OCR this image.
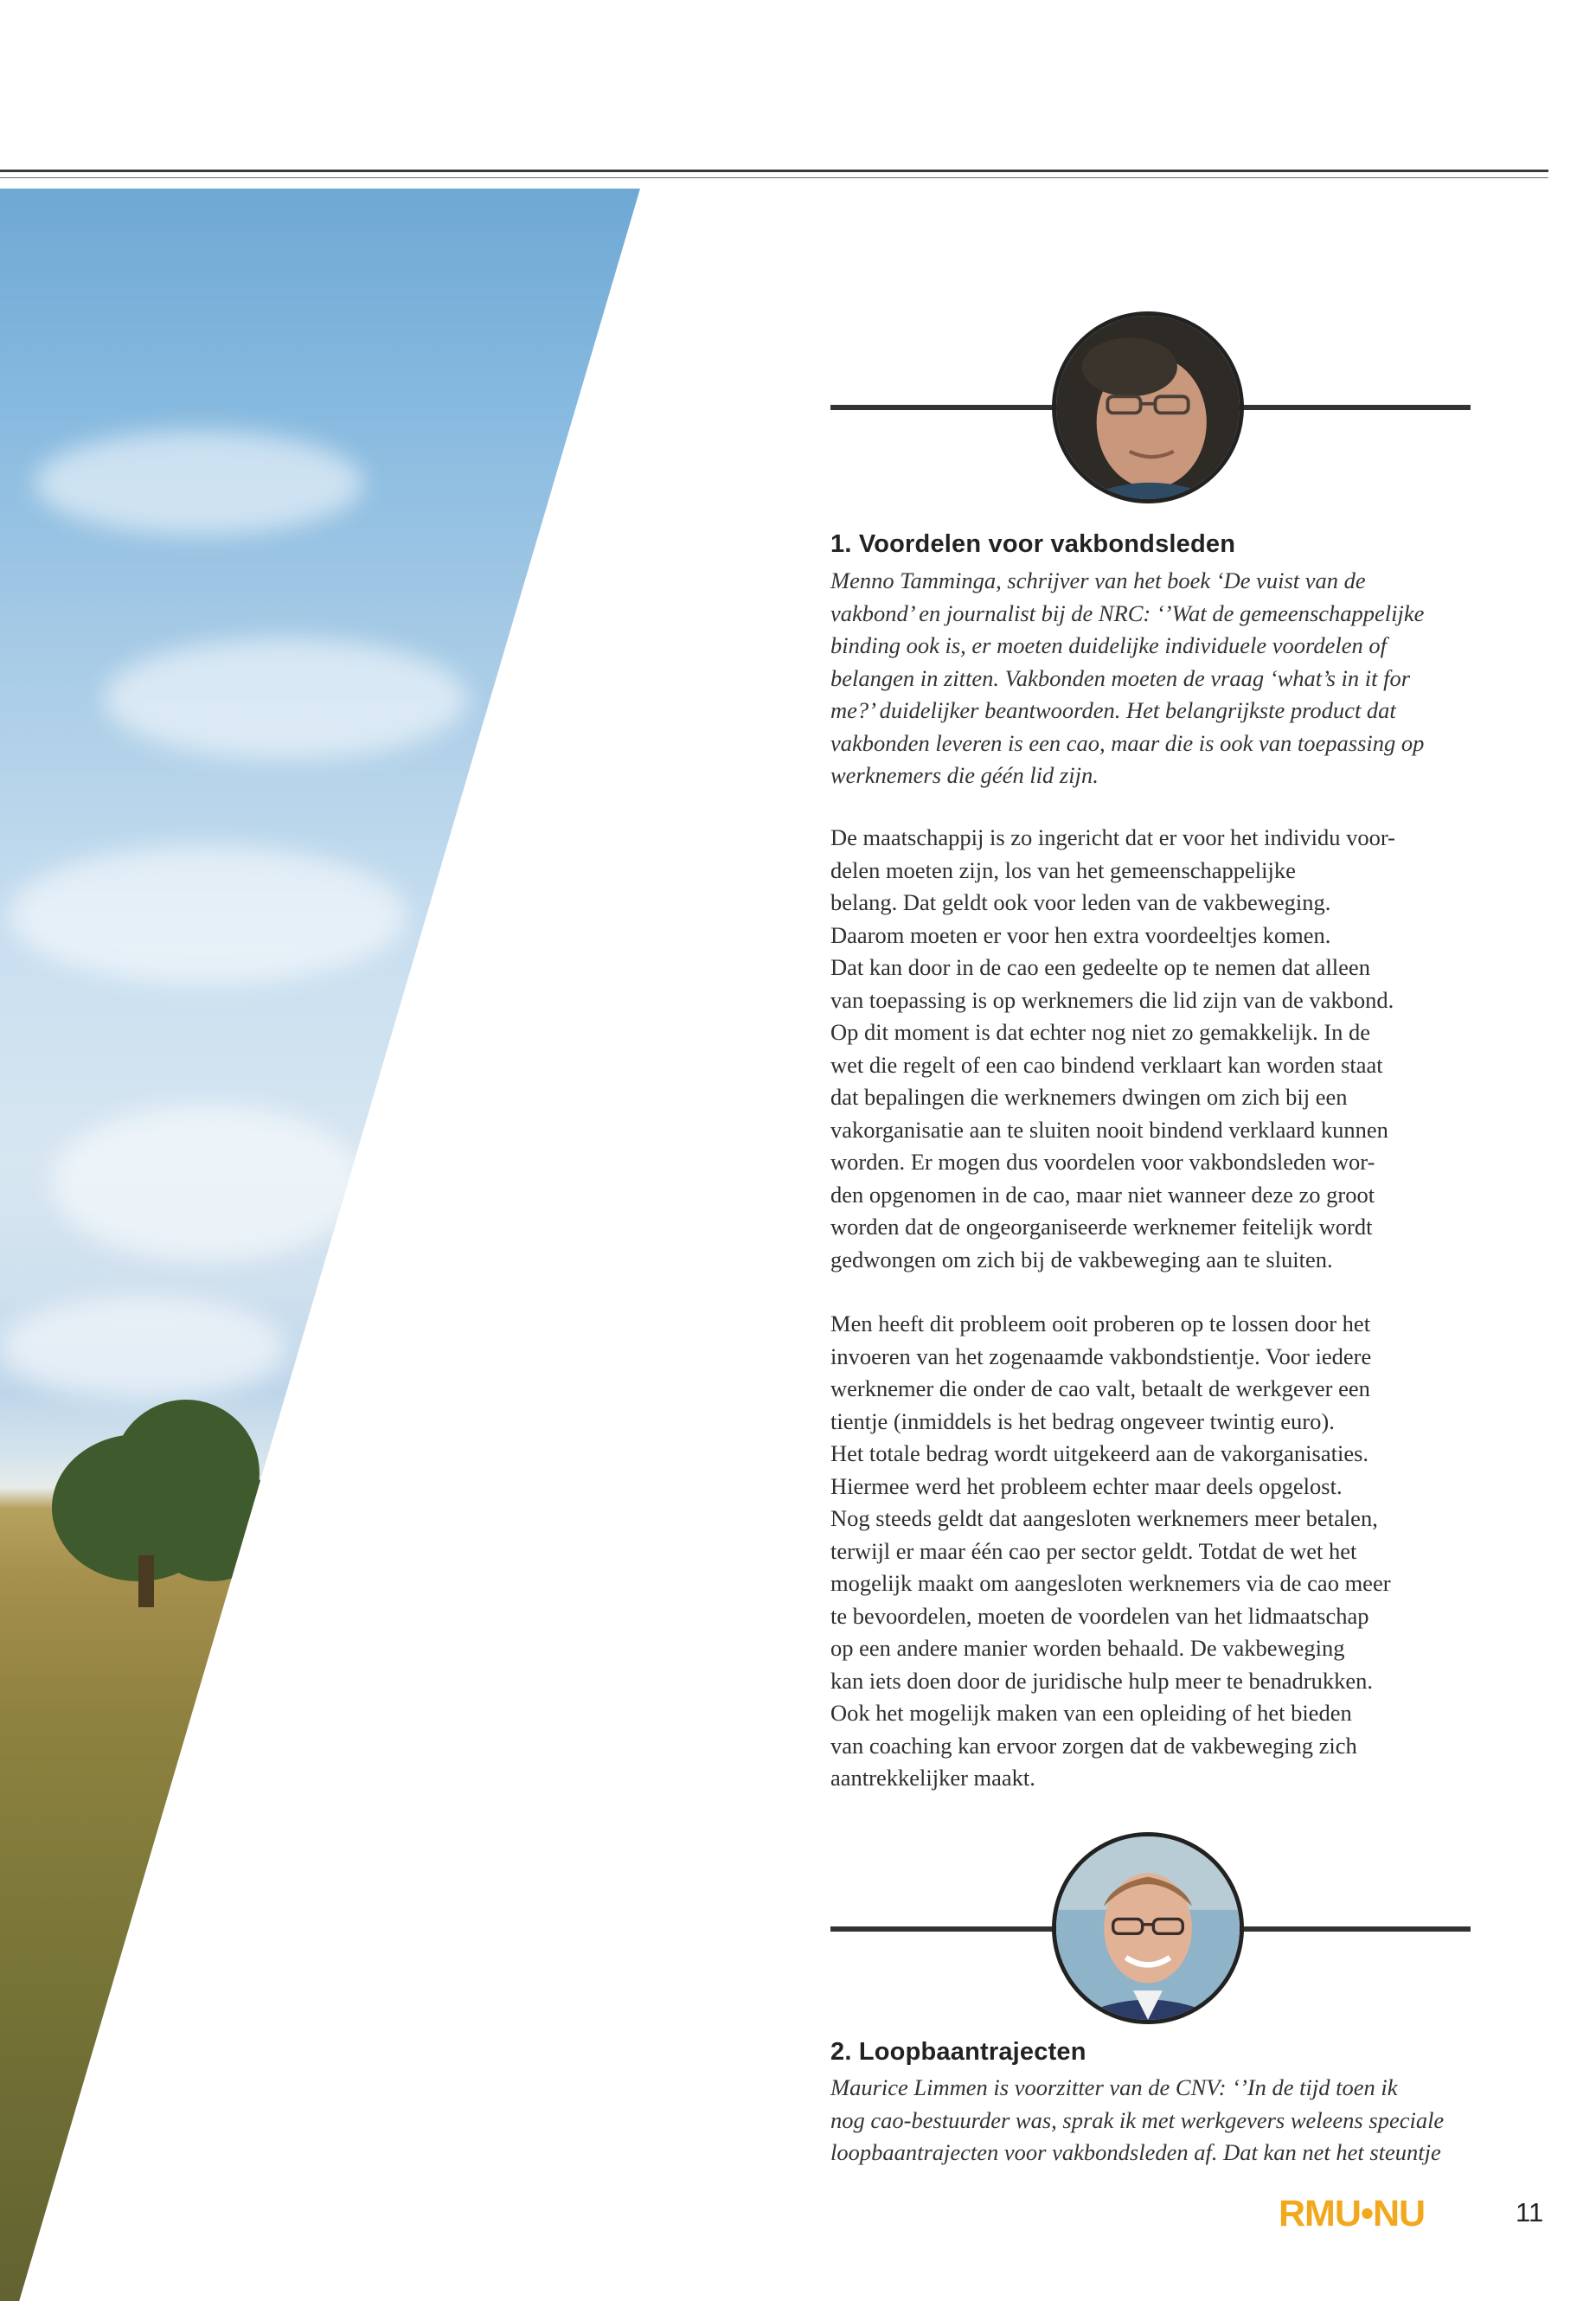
1. Voordelen voor vakbondsleden

Menno Tamminga, schrijver van het boek ‘De vuist van de
vakbond’ en journalist bij de NRC: ‘’Wat de gemeenschappelijke
binding ook is, er moeten duidelijke individuele voordelen of
belangen in zitten. Vakbonden moeten de vraag ‘what’s in it for
me?’ duidelijker beantwoorden. Het belangrijkste product dat
vakbonden leveren is een cao, maar die is ook van toepassing op
werknemers die géén lid zijn.

De maatschappij is zo ingericht dat er voor het individu voor-
delen moeten zijn, los van het gemeenschappelijke
belang. Dat geldt ook voor leden van de vakbeweging.
Daarom moeten er voor hen extra voordeeltjes komen.
Dat kan door in de cao een gedeelte op te nemen dat alleen
van toepassing is op werknemers die lid zijn van de vakbond.
Op dit moment is dat echter nog niet zo gemakkelijk. In de
wet die regelt of een cao bindend verklaart kan worden staat
dat bepalingen die werknemers dwingen om zich bij een
vakorganisatie aan te sluiten nooit bindend verklaard kunnen
worden. Er mogen dus voordelen voor vakbondsleden wor-
den opgenomen in de cao, maar niet wanneer deze zo groot
worden dat de ongeorganiseerde werknemer feitelijk wordt
gedwongen om zich bij de vakbeweging aan te sluiten.

Men heeft dit probleem ooit proberen op te lossen door het
invoeren van het zogenaamde vakbondstientje. Voor iedere
werknemer die onder de cao valt, betaalt de werkgever een
tientje (inmiddels is het bedrag ongeveer twintig euro).
Het totale bedrag wordt uitgekeerd aan de vakorganisaties.
Hiermee werd het probleem echter maar deels opgelost.
Nog steeds geldt dat aangesloten werknemers meer betalen,
terwijl er maar één cao per sector geldt. Totdat de wet het
mogelijk maakt om aangesloten werknemers via de cao meer
te bevoordelen, moeten de voordelen van het lidmaatschap
op een andere manier worden behaald. De vakbeweging
kan iets doen door de juridische hulp meer te benadrukken.
Ook het mogelijk maken van een opleiding of het bieden
van coaching kan ervoor zorgen dat de vakbeweging zich
aantrekkelijker maakt.

2. Loopbaantrajecten

Maurice Limmen is voorzitter van de CNV: ‘’In de tijd toen ik
nog cao-bestuurder was, sprak ik met werkgevers weleens speciale
loopbaantrajecten voor vakbondsleden af. Dat kan net het steuntje

RMU•NU	11
